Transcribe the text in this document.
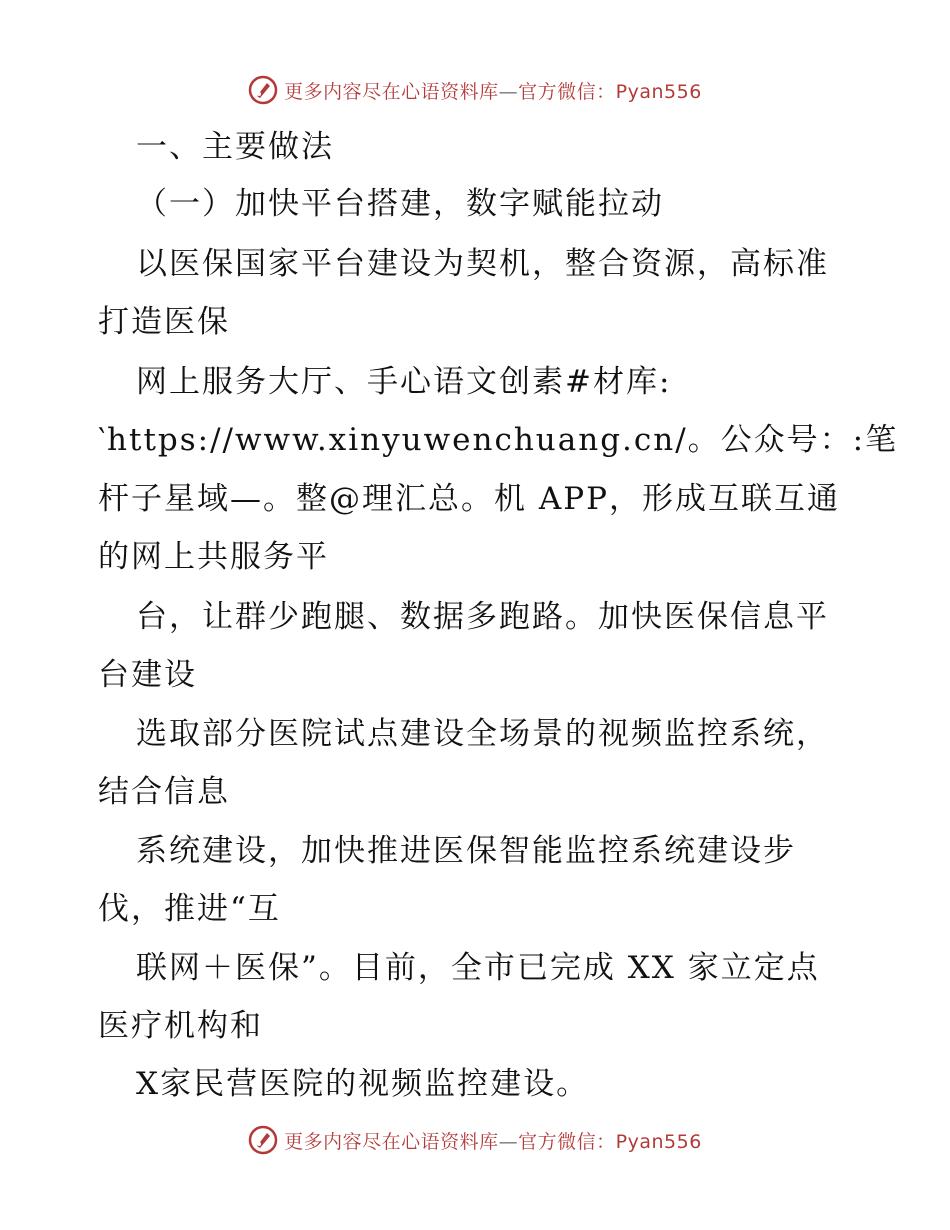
更多内容尽在心语资料库—官方微信：Pyan556
一、主要做法
（一）加快平台搭建，数字赋能拉动
以医保国家平台建设为契机，整合资源，高标准
打造医保
网上服务大厅、手心语文创素#材库:
‵https://www.xinyuwenchuang.cn/。公众号：:笔
杆子星域—。整@理汇总。机 APP，形成互联互通
的网上共服务平
台，让群少跑腿、数据多跑路。加快医保信息平
台建设
选取部分医院试点建设全场景的视频监控系统，
结合信息
系统建设，加快推进医保智能监控系统建设步
伐，推进“互
联网＋医保”。目前，全市已完成 XX 家立定点
医疗机构和
X家民营医院的视频监控建设。
更多内容尽在心语资料库—官方微信：Pyan556
